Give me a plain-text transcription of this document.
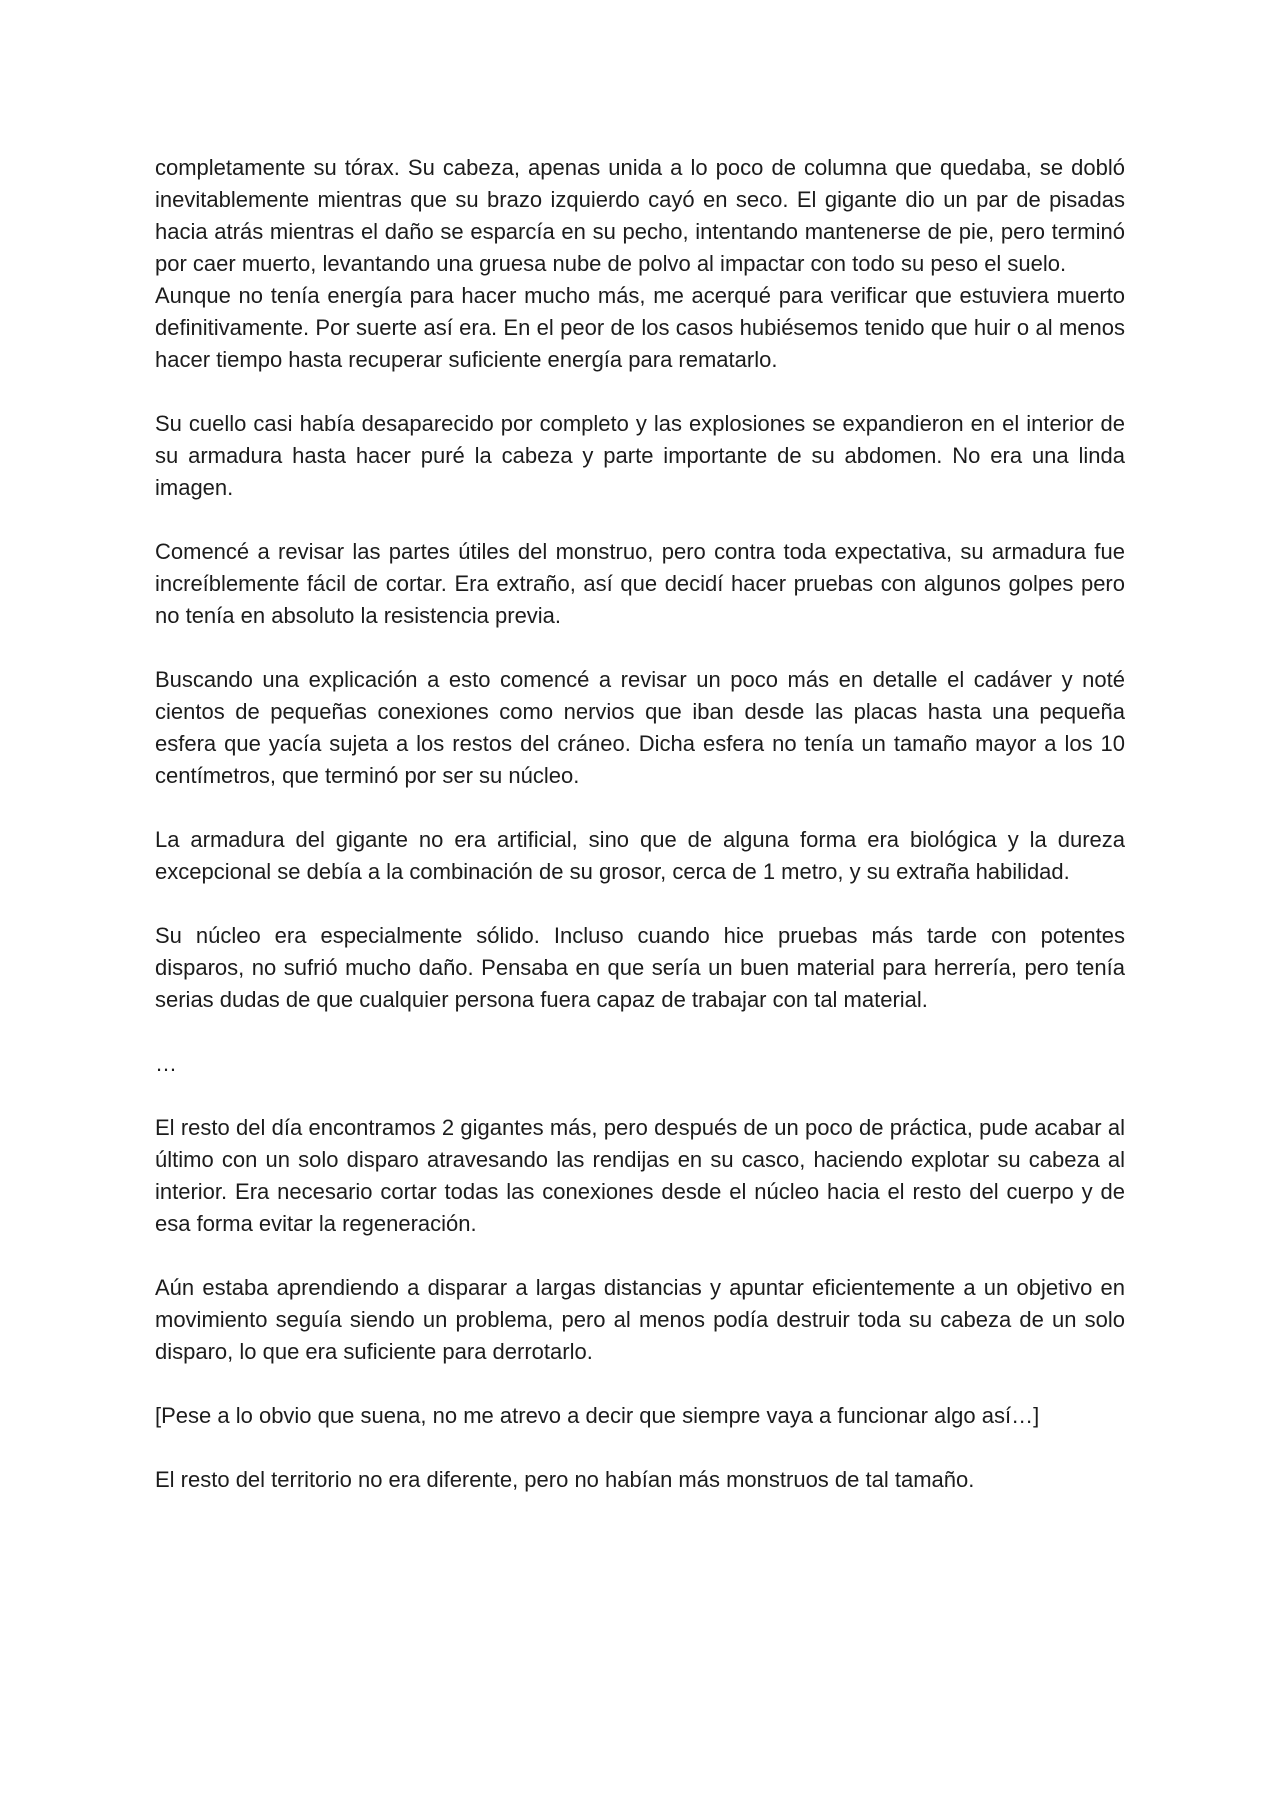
completamente su tórax. Su cabeza, apenas unida a lo poco de columna que quedaba, se dobló inevitablemente mientras que su brazo izquierdo cayó en seco. El gigante dio un par de pisadas hacia atrás mientras el daño se esparcía en su pecho, intentando mantenerse de pie, pero terminó por caer muerto, levantando una gruesa nube de polvo al impactar con todo su peso el suelo.

Aunque no tenía energía para hacer mucho más, me acerqué para verificar que estuviera muerto definitivamente. Por suerte así era. En el peor de los casos hubiésemos tenido que huir o al menos hacer tiempo hasta recuperar suficiente energía para rematarlo.

Su cuello casi había desaparecido por completo y las explosiones se expandieron en el interior de su armadura hasta hacer puré la cabeza y parte importante de su abdomen. No era una linda imagen.

Comencé a revisar las partes útiles del monstruo, pero contra toda expectativa, su armadura fue increíblemente fácil de cortar. Era extraño, así que decidí hacer pruebas con algunos golpes pero no tenía en absoluto la resistencia previa.

Buscando una explicación a esto comencé a revisar un poco más en detalle el cadáver y noté cientos de pequeñas conexiones como nervios que iban desde las placas hasta una pequeña esfera que yacía sujeta a los restos del cráneo. Dicha esfera no tenía un tamaño mayor a los 10 centímetros, que terminó por ser su núcleo.

La armadura del gigante no era artificial, sino que de alguna forma era biológica y la dureza excepcional se debía a la combinación de su grosor, cerca de 1 metro, y su extraña habilidad.

Su núcleo era especialmente sólido. Incluso cuando hice pruebas más tarde con potentes disparos, no sufrió mucho daño. Pensaba en que sería un buen material para herrería, pero tenía serias dudas de que cualquier persona fuera capaz de trabajar con tal material.

…

El resto del día encontramos 2 gigantes más, pero después de un poco de práctica, pude acabar al último con un solo disparo atravesando las rendijas en su casco, haciendo explotar su cabeza al interior. Era necesario cortar todas las conexiones desde el núcleo hacia el resto del cuerpo y de esa forma evitar la regeneración.

Aún estaba aprendiendo a disparar a largas distancias y apuntar eficientemente a un objetivo en movimiento seguía siendo un problema, pero al menos podía destruir toda su cabeza de un solo disparo, lo que era suficiente para derrotarlo.

[Pese a lo obvio que suena, no me atrevo a decir que siempre vaya a funcionar algo así…]

El resto del territorio no era diferente, pero no habían más monstruos de tal tamaño.
